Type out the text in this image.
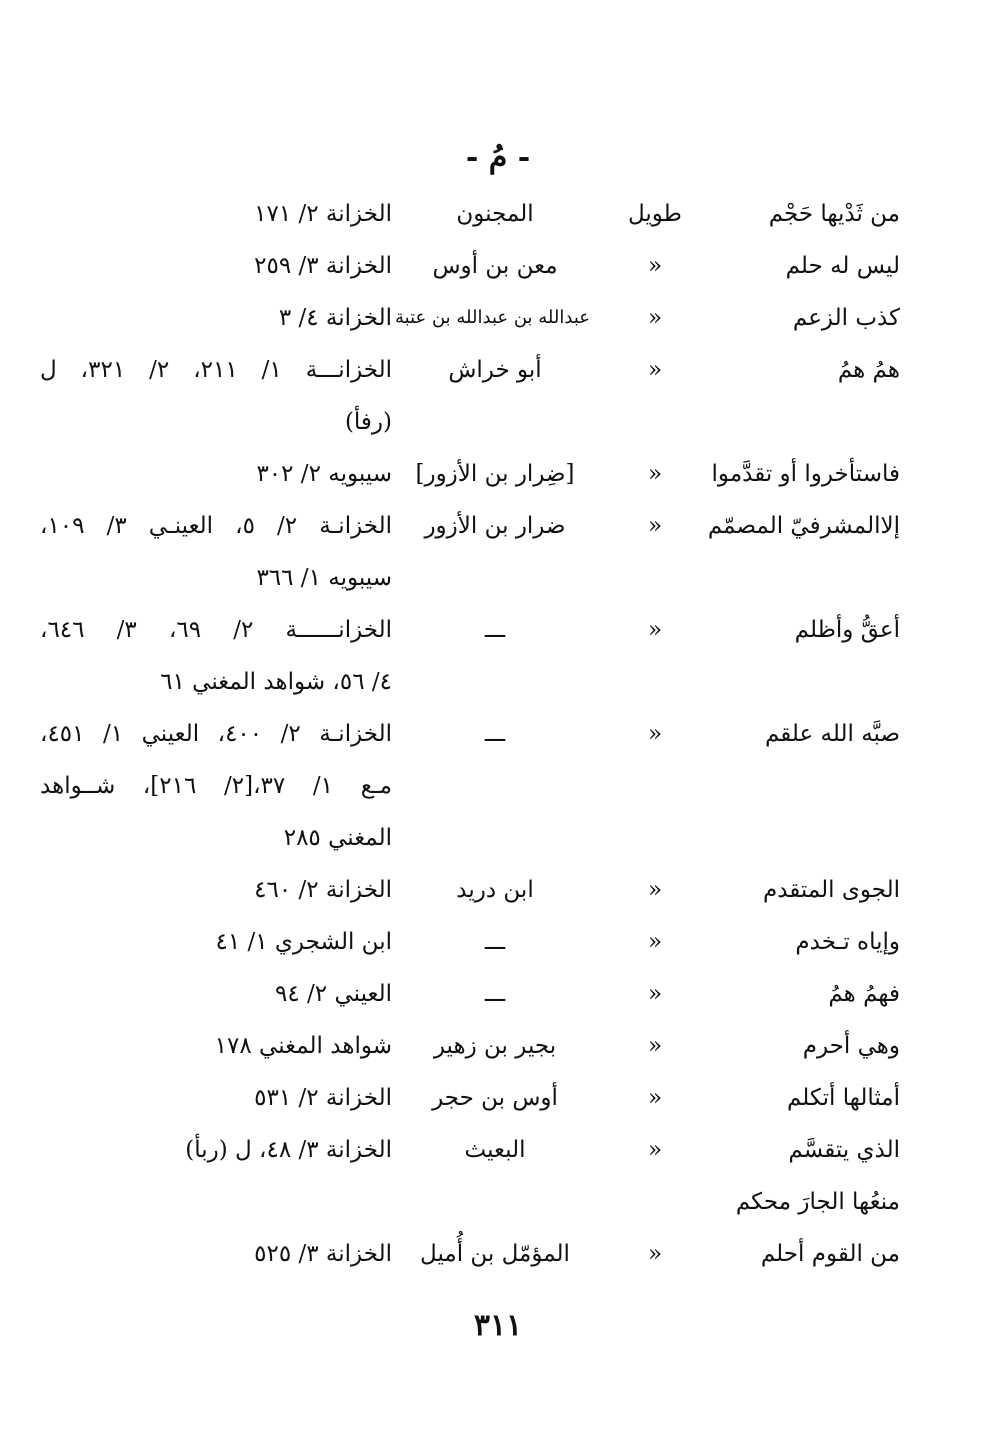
- مُ -
من ثَدْيها حَجْم
طويل
المجنون
الخزانة ٢/ ١٧١
ليس له حلم
«
معن بن أوس
الخزانة ٣/ ٢٥٩
كذب الزعم
«
عبدالله بن عبدالله بن عتبة
الخزانة ٤/ ٣
همُ همُ
«
أبو خراش
الخزانـــة ١/ ٢١١، ٢/ ٣٢١، ل
(رفأ)
فاستأخروا أو تقدَّموا
«
[ضِرار بن الأزور]
سيبويه ٢/ ٣٠٢
إلاالمشرفيّ المصمّم
«
ضرار بن الأزور
الخزانـة ٢/ ٥، العينـي ٣/ ١٠٩،
سيبويه ١/ ٣٦٦
أعقُّ وأظلم
«
ـــ
الخزانــــــة ٢/ ٦٩، ٣/ ٦٤٦،
٤/ ٥٦، شواهد المغني ٦١
صبَّه الله علقم
«
ـــ
الخزانـة ٢/ ٤٠٠، العيني ١/ ٤٥١،
مـع ١/ ٣٧،[٢/ ٢١٦]، شــواهد
المغني ٢٨٥
الجوى المتقدم
«
ابن دريد
الخزانة ٢/ ٤٦٠
وإياه تـخدم
«
ـــ
ابن الشجري ١/ ٤١
فهمُ همُ
«
ـــ
العيني ٢/ ٩٤
وهي أحرم
«
بجير بن زهير
شواهد المغني ١٧٨
أمثالها أتكلم
«
أوس بن حجر
الخزانة ٢/ ٥٣١
الذي يتقسَّم
«
البعيث
الخزانة ٣/ ٤٨، ل (ربأ)
منعُها الجارَ محكم
من القوم أحلم
«
المؤمّل بن أُميل
الخزانة ٣/ ٥٢٥
٣١١
